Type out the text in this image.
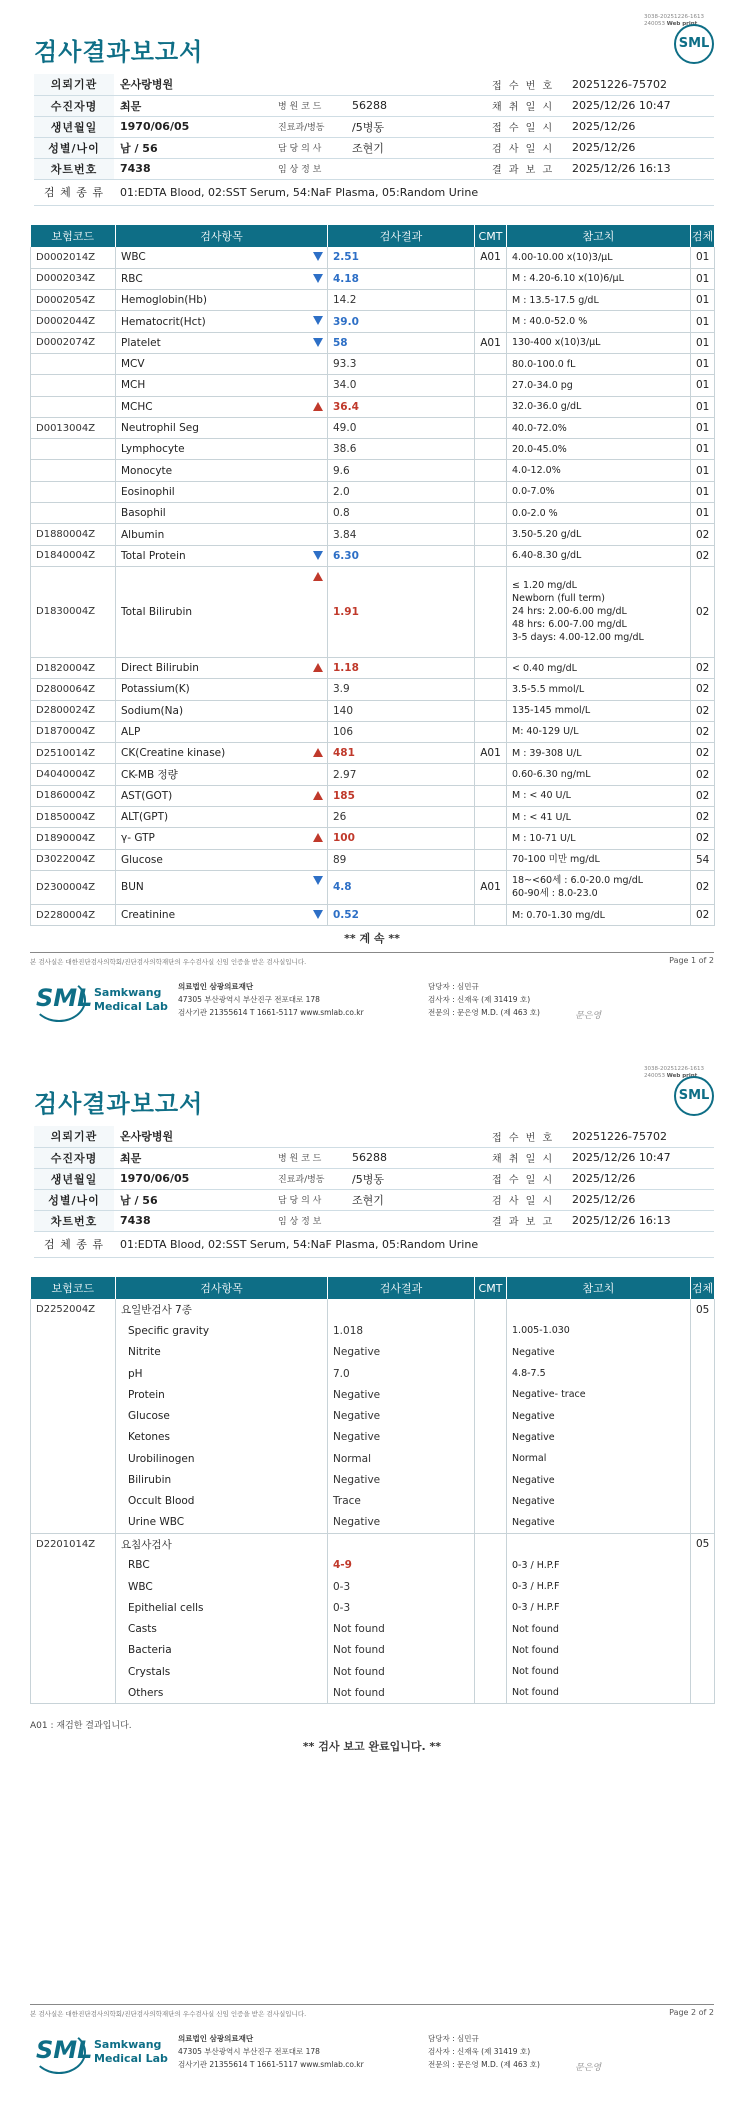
3038-20251226-1613
240053 Web print
검사결과보고서	SML
의뢰기관	온사랑병원			접 수 번 호	20251226-75702
수진자명	최문	병 원 코 드	56288	채 취 일 시	2025/12/26 10:47
생년월일	1970/06/05	진료과/병동	/5병동	접 수 일 시	2025/12/26
성별/나이	남 / 56	담 당 의 사	조현기	검 사 일 시	2025/12/26
차트번호	7438	임 상 정 보		결 과 보 고	2025/12/26 16:13
검 체 종 류	01:EDTA Blood, 02:SST Serum, 54:NaF Plasma, 05:Random Urine				
보험코드	검사항목	검사결과	CMT	참고치	검체
D0002014Z	WBC	2.51	A01	4.00-10.00 x(10)3/μL	01
D0002034Z	RBC	4.18		M : 4.20-6.10 x(10)6/μL	01
D0002054Z	Hemoglobin(Hb)	14.2		M : 13.5-17.5 g/dL	01
D0002044Z	Hematocrit(Hct)	39.0		M : 40.0-52.0 %	01
D0002074Z	Platelet	58	A01	130-400 x(10)3/μL	01
	MCV	93.3		80.0-100.0 fL	01
	MCH	34.0		27.0-34.0 pg	01
	MCHC	36.4		32.0-36.0 g/dL	01
D0013004Z	Neutrophil Seg	49.0		40.0-72.0%	01
	Lymphocyte	38.6		20.0-45.0%	01
	Monocyte	9.6		4.0-12.0%	01
	Eosinophil	2.0		0.0-7.0%	01
	Basophil	0.8		0.0-2.0 %	01
D1880004Z	Albumin	3.84		3.50-5.20 g/dL	02
D1840004Z	Total Protein	6.30		6.40-8.30 g/dL	02
D1830004Z	Total Bilirubin	1.91		≤ 1.20 mg/dL
Newborn (full term)
24 hrs: 2.00-6.00 mg/dL
48 hrs: 6.00-7.00 mg/dL
3-5 days: 4.00-12.00 mg/dL	02
D1820004Z	Direct Bilirubin	1.18		< 0.40 mg/dL	02
D2800064Z	Potassium(K)	3.9		3.5-5.5 mmol/L	02
D2800024Z	Sodium(Na)	140		135-145 mmol/L	02
D1870004Z	ALP	106		M: 40-129 U/L	02
D2510014Z	CK(Creatine kinase)	481	A01	M : 39-308 U/L	02
D4040004Z	CK-MB 정량	2.97		0.60-6.30 ng/mL	02
D1860004Z	AST(GOT)	185		M : < 40 U/L	02
D1850004Z	ALT(GPT)	26		M : < 41 U/L	02
D1890004Z	γ- GTP	100		M : 10-71 U/L	02
D3022004Z	Glucose	89		70-100 미만 mg/dL	54
D2300004Z	BUN	4.8	A01	18~<60세 : 6.0-20.0 mg/dL
60-90세 : 8.0-23.0	02
D2280004Z	Creatinine	0.52		M: 0.70-1.30 mg/dL	02
** 계 속 **
본 검사실은 대한진단검사의학회/진단검사의학재단의 우수검사실 신임 인증을 받은 검사실입니다.	Page 1 of 2
SML Samkwang
Medical Lab
의료법인 삼광의료재단
47305 부산광역시 부산진구 전포대로 178
검사기관 21355614 T 1661-5117 www.smlab.co.kr
담당자 : 심민규
검사자 : 신재욱 (제 31419 호)
전문의 : 문은영 M.D. (제 463 호)	문은영
3038-20251226-1613
240053 Web print
검사결과보고서	SML
의뢰기관	온사랑병원			접 수 번 호	20251226-75702
수진자명	최문	병 원 코 드	56288	채 취 일 시	2025/12/26 10:47
생년월일	1970/06/05	진료과/병동	/5병동	접 수 일 시	2025/12/26
성별/나이	남 / 56	담 당 의 사	조현기	검 사 일 시	2025/12/26
차트번호	7438	임 상 정 보		결 과 보 고	2025/12/26 16:13
검 체 종 류	01:EDTA Blood, 02:SST Serum, 54:NaF Plasma, 05:Random Urine				
보험코드	검사항목	검사결과	CMT	참고치	검체
D2252004Z	요일반검사 7종				05
	Specific gravity	1.018		1.005-1.030	
	Nitrite	Negative		Negative	
	pH	7.0		4.8-7.5	
	Protein	Negative		Negative- trace	
	Glucose	Negative		Negative	
	Ketones	Negative		Negative	
	Urobilinogen	Normal		Normal	
	Bilirubin	Negative		Negative	
	Occult Blood	Trace		Negative	
	Urine WBC	Negative		Negative	
D2201014Z	요침사검사				05
	RBC	4-9		0-3 / H.P.F	
	WBC	0-3		0-3 / H.P.F	
	Epithelial cells	0-3		0-3 / H.P.F	
	Casts	Not found		Not found	
	Bacteria	Not found		Not found	
	Crystals	Not found		Not found	
	Others	Not found		Not found	
A01 : 재검한 결과입니다.
** 검사 보고 완료입니다. **
본 검사실은 대한진단검사의학회/진단검사의학재단의 우수검사실 신임 인증을 받은 검사실입니다.	Page 2 of 2
SML Samkwang
Medical Lab
의료법인 삼광의료재단
47305 부산광역시 부산진구 전포대로 178
검사기관 21355614 T 1661-5117 www.smlab.co.kr
담당자 : 심민규
검사자 : 신재욱 (제 31419 호)
전문의 : 문은영 M.D. (제 463 호)	문은영
